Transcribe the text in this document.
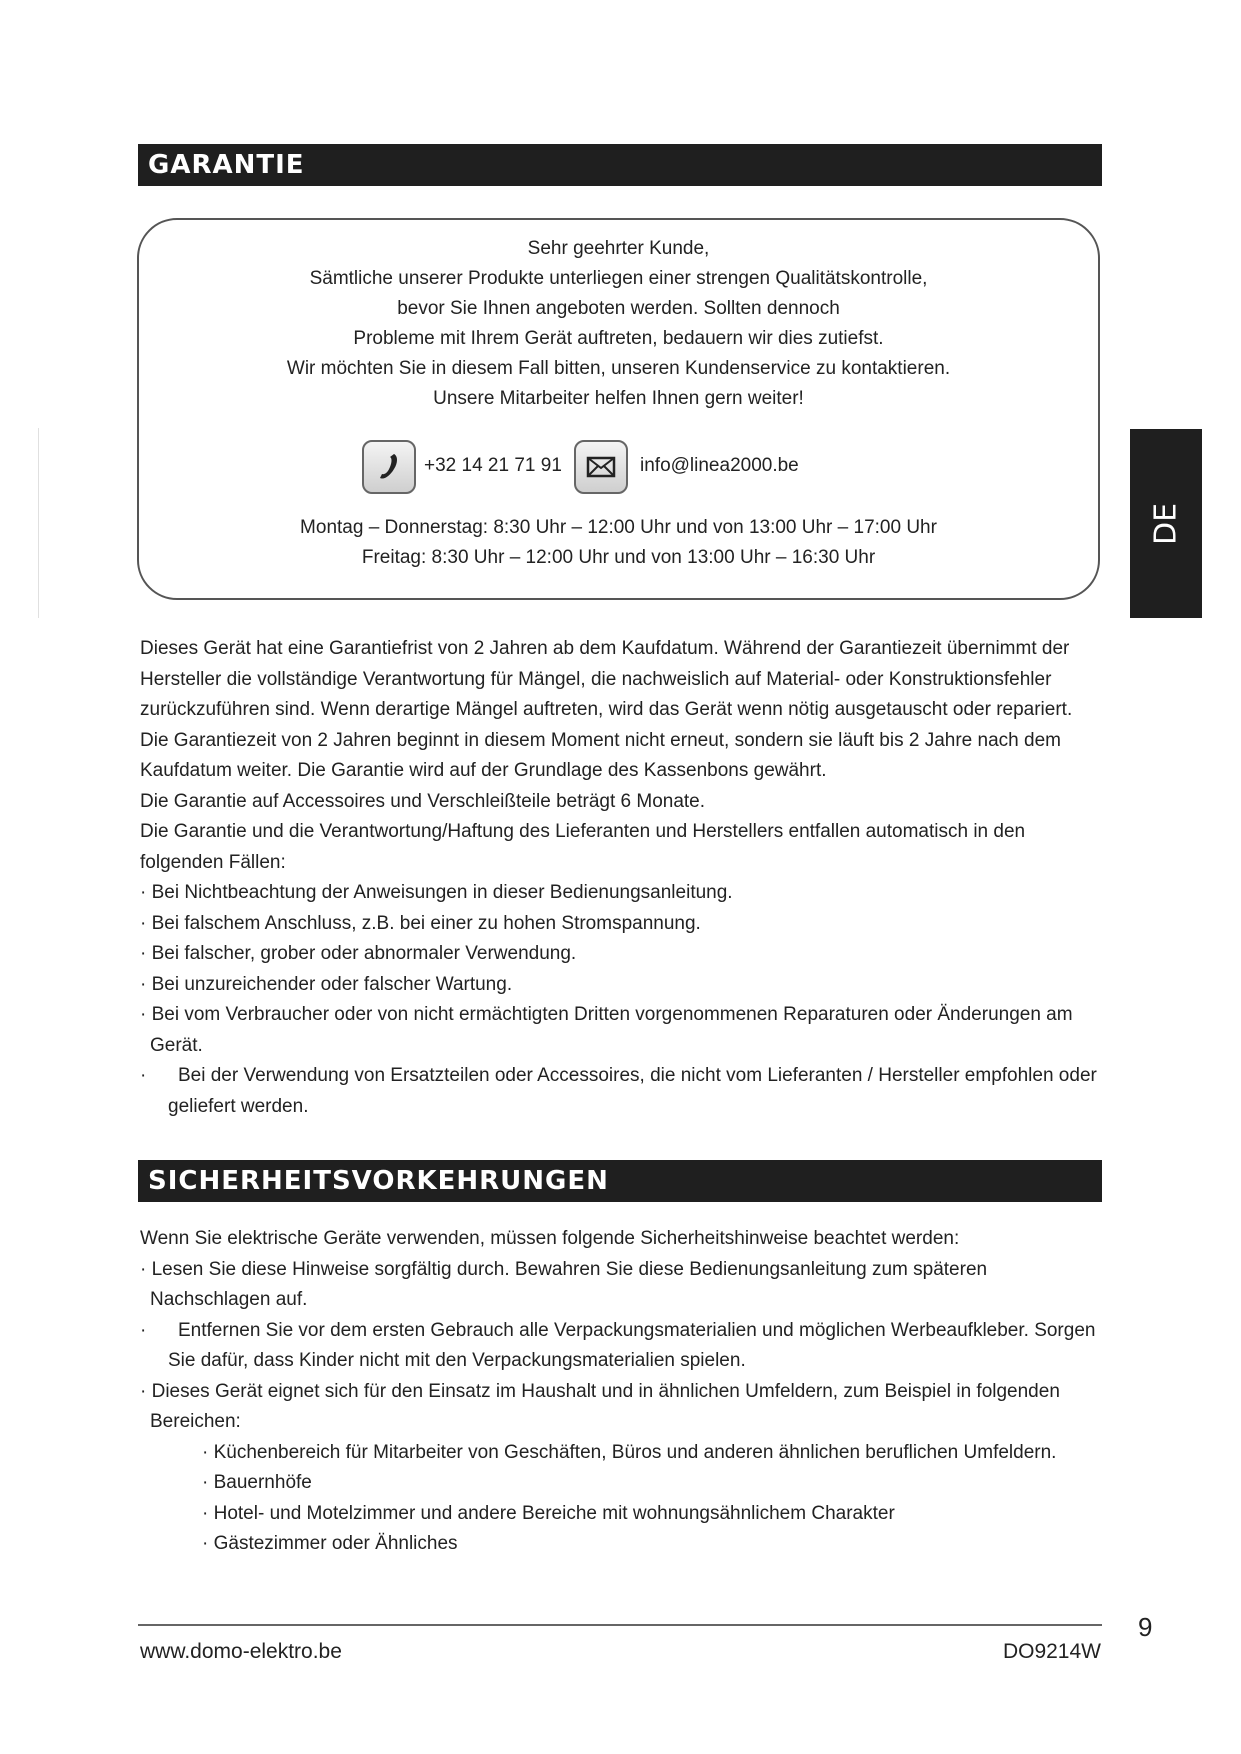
GARANTIE
Sehr geehrter Kunde,
Sämtliche unserer Produkte unterliegen einer strengen Qualitätskontrolle,
bevor Sie Ihnen angeboten werden. Sollten dennoch
Probleme mit Ihrem Gerät auftreten, bedauern wir dies zutiefst.
Wir möchten Sie in diesem Fall bitten, unseren Kundenservice zu kontaktieren.
Unsere Mitarbeiter helfen Ihnen gern weiter!
+32 14 21 71 91	info@linea2000.be
Montag – Donnerstag: 8:30 Uhr – 12:00 Uhr und von 13:00 Uhr – 17:00 Uhr
Freitag: 8:30 Uhr – 12:00 Uhr und von 13:00 Uhr – 16:30 Uhr
DE

Dieses Gerät hat eine Garantiefrist von 2 Jahren ab dem Kaufdatum. Während der Garantiezeit übernimmt der Hersteller die vollständige Verantwortung für Mängel, die nachweislich auf Material- oder Konstruktionsfehler zurückzuführen sind. Wenn derartige Mängel auftreten, wird das Gerät wenn nötig ausgetauscht oder repariert. Die Garantiezeit von 2 Jahren beginnt in diesem Moment nicht erneut, sondern sie läuft bis 2 Jahre nach dem Kaufdatum weiter. Die Garantie wird auf der Grundlage des Kassenbons gewährt.

Die Garantie auf Accessoires und Verschleißteile beträgt 6 Monate.

Die Garantie und die Verantwortung/Haftung des Lieferanten und Herstellers entfallen automatisch in den folgenden Fällen:

· Bei Nichtbeachtung der Anweisungen in dieser Bedienungsanleitung.

· Bei falschem Anschluss, z.B. bei einer zu hohen Stromspannung.

· Bei falscher, grober oder abnormaler Verwendung.

· Bei unzureichender oder falscher Wartung.

· Bei vom Verbraucher oder von nicht ermächtigten Dritten vorgenommenen Reparaturen oder Änderungen am Gerät.

·      Bei der Verwendung von Ersatzteilen oder Accessoires, die nicht vom Lieferanten / Hersteller empfohlen oder geliefert werden.

SICHERHEITSVORKEHRUNGEN

Wenn Sie elektrische Geräte verwenden, müssen folgende Sicherheitshinweise beachtet werden:

· Lesen Sie diese Hinweise sorgfältig durch. Bewahren Sie diese Bedienungsanleitung zum späteren Nachschlagen auf.

·      Entfernen Sie vor dem ersten Gebrauch alle Verpackungsmaterialien und möglichen Werbeaufkleber. Sorgen Sie dafür, dass Kinder nicht mit den Verpackungsmaterialien spielen.

· Dieses Gerät eignet sich für den Einsatz im Haushalt und in ähnlichen Umfeldern, zum Beispiel in folgenden Bereichen:

· Küchenbereich für Mitarbeiter von Geschäften, Büros und anderen ähnlichen beruflichen Umfeldern.

· Bauernhöfe

· Hotel- und Motelzimmer und andere Bereiche mit wohnungsähnlichem Charakter

· Gästezimmer oder Ähnliches

9
www.domo-elektro.be	DO9214W
